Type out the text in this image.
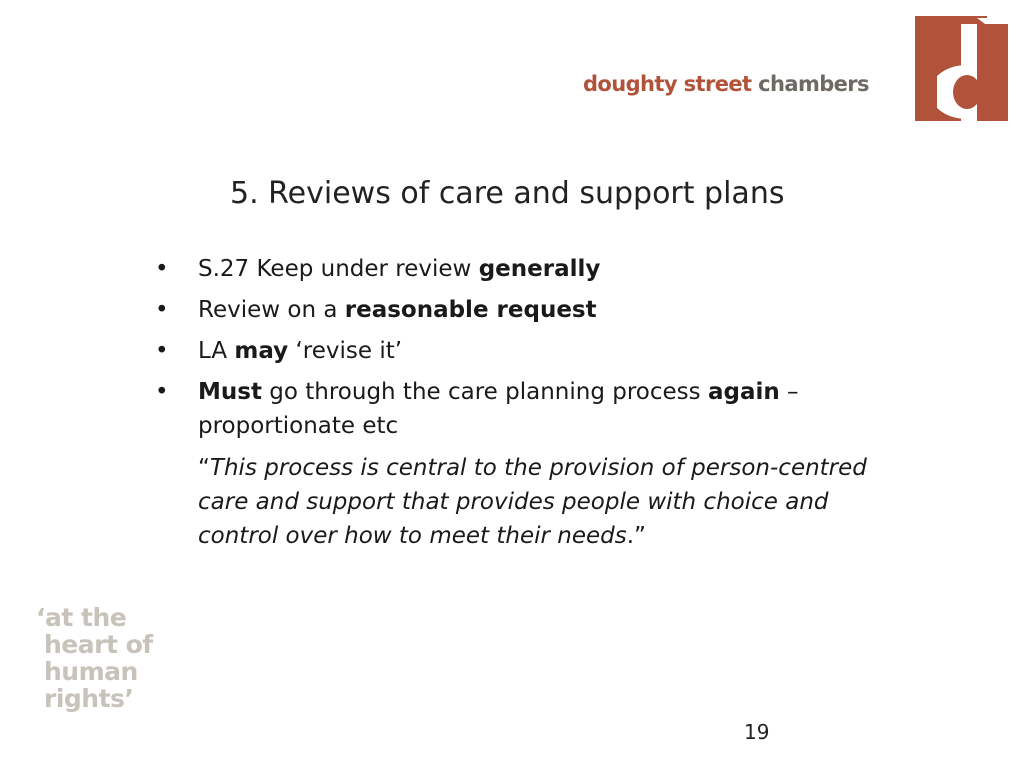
doughty street chambers
5. Reviews of care and support plans
• S.27 Keep under review generally
• Review on a reasonable request
• LA may ‘revise it’
• Must go through the care planning process again – proportionate etc
“This process is central to the provision of person-centred care and support that provides people with choice and control over how to meet their needs.”
‘at the
heart of
human
rights’
19
